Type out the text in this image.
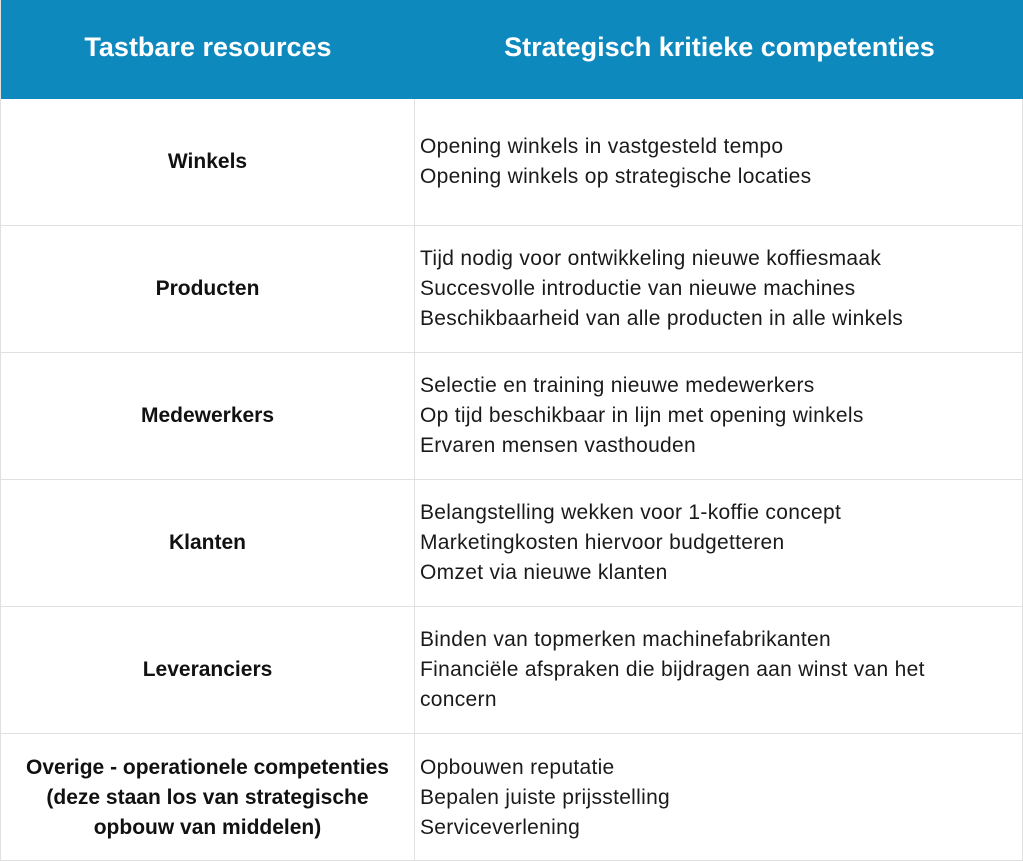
Tastbare resources	Strategisch kritieke competenties
Winkels
Opening winkels in vastgesteld tempo
Opening winkels op strategische locaties
Producten
Tijd nodig voor ontwikkeling nieuwe koffiesmaak
Succesvolle introductie van nieuwe machines
Beschikbaarheid van alle producten in alle winkels
Medewerkers
Selectie en training nieuwe medewerkers
Op tijd beschikbaar in lijn met opening winkels
Ervaren mensen vasthouden
Klanten
Belangstelling wekken voor 1-koffie concept
Marketingkosten hiervoor budgetteren
Omzet via nieuwe klanten
Leveranciers
Binden van topmerken machinefabrikanten
Financiële afspraken die bijdragen aan winst van het concern
Overige - operationele competenties (deze staan los van strategische opbouw van middelen)
Opbouwen reputatie
Bepalen juiste prijsstelling
Serviceverlening
